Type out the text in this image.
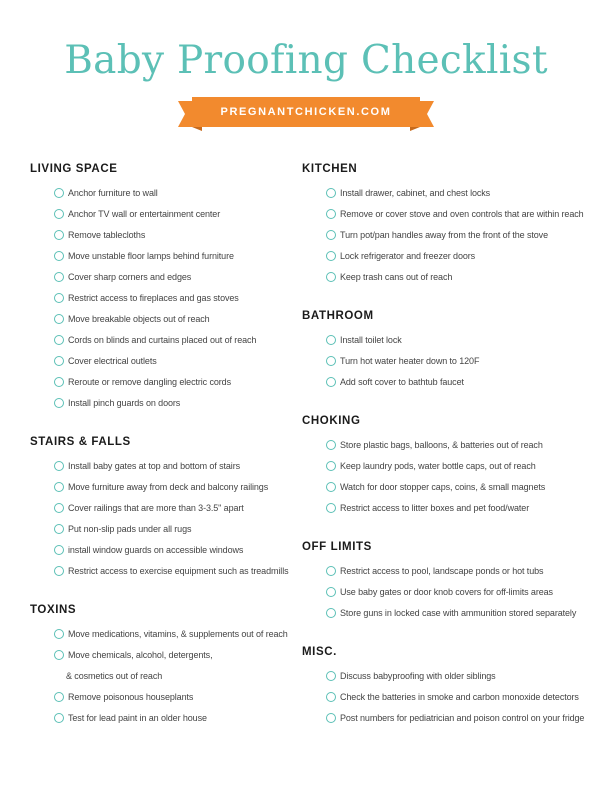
Baby Proofing Checklist
PREGNANTCHICKEN.COM
LIVING SPACE
Anchor furniture to wall
Anchor TV wall or entertainment center
Remove tablecloths
Move unstable floor lamps behind furniture
Cover sharp corners and edges
Restrict access to fireplaces and gas stoves
Move breakable objects out of reach
Cords on blinds and curtains placed out of reach
Cover electrical outlets
Reroute or remove dangling electric cords
Install pinch guards on doors
STAIRS & FALLS
Install baby gates at top and bottom of stairs
Move furniture away from deck and balcony railings
Cover railings that are more than 3-3.5" apart
Put non-slip pads under all rugs
install window guards on accessible windows
Restrict access to exercise equipment such as treadmills
TOXINS
Move medications, vitamins, & supplements out of reach
Move chemicals, alcohol, detergents,
& cosmetics out of reach
Remove poisonous houseplants
Test for lead paint in an older house
KITCHEN
Install drawer, cabinet, and chest locks
Remove or cover stove and oven controls that are within reach
Turn pot/pan handles away from the front of the stove
Lock refrigerator and freezer doors
Keep trash cans out of reach
BATHROOM
Install toilet lock
Turn hot water heater down to 120F
Add soft cover to bathtub faucet
CHOKING
Store plastic bags, balloons, & batteries out of reach
Keep laundry pods, water bottle caps, out of reach
Watch for door stopper caps, coins, & small magnets
Restrict access to litter boxes and pet food/water
OFF LIMITS
Restrict access to pool, landscape ponds or hot tubs
Use baby gates or door knob covers for off-limits areas
Store guns in locked case with ammunition stored separately
MISC.
Discuss babyproofing with older siblings
Check the batteries in smoke and carbon monoxide detectors
Post numbers for pediatrician and poison control on your fridge
